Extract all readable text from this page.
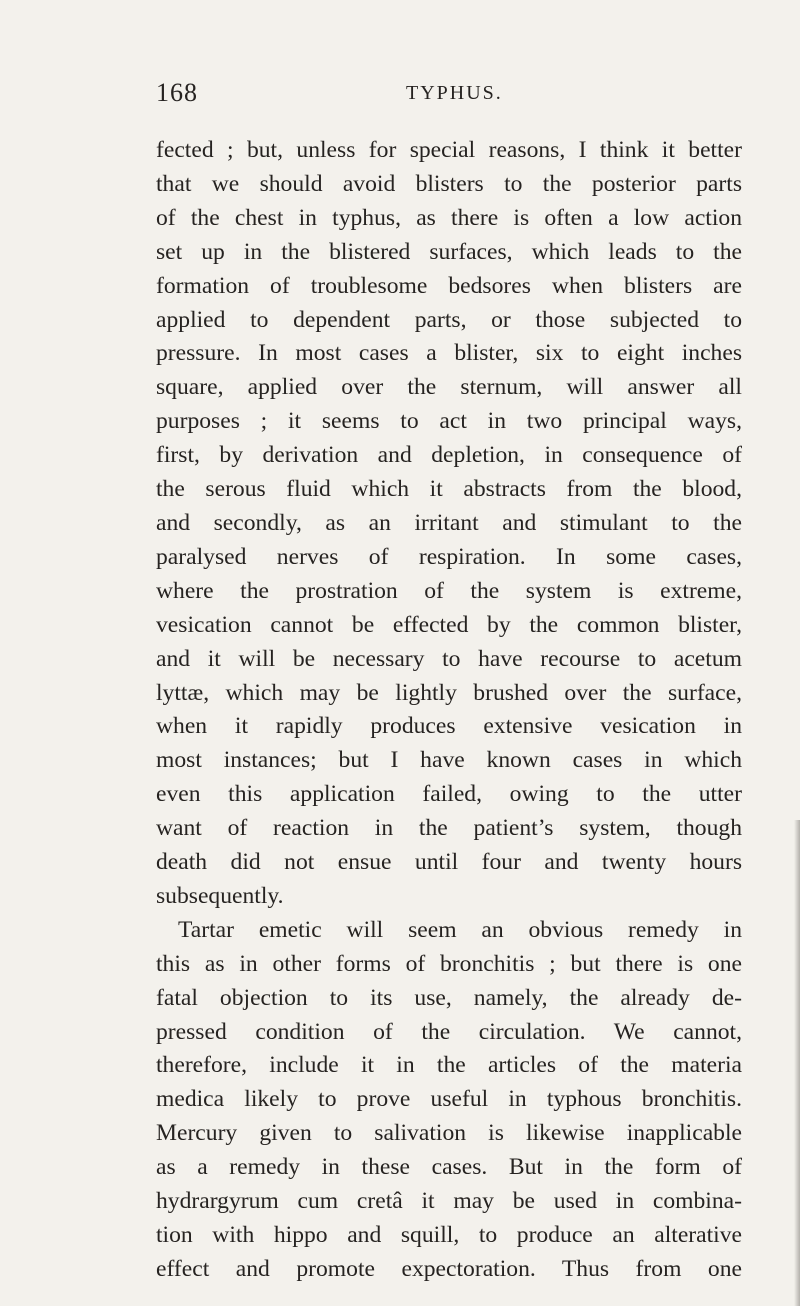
168	TYPHUS.
fected ; but, unless for special reasons, I think it better
that we should avoid blisters to the posterior parts
of the chest in typhus, as there is often a low action
set up in the blistered surfaces, which leads to the
formation of troublesome bedsores when blisters are
applied to dependent parts, or those subjected to
pressure. In most cases a blister, six to eight inches
square, applied over the sternum, will answer all
purposes ; it seems to act in two principal ways,
first, by derivation and depletion, in consequence of
the serous fluid which it abstracts from the blood,
and secondly, as an irritant and stimulant to the
paralysed nerves of respiration. In some cases,
where the prostration of the system is extreme,
vesication cannot be effected by the common blister,
and it will be necessary to have recourse to acetum
lyttæ, which may be lightly brushed over the surface,
when it rapidly produces extensive vesication in
most instances; but I have known cases in which
even this application failed, owing to the utter
want of reaction in the patient’s system, though
death did not ensue until four and twenty hours
subsequently.
Tartar emetic will seem an obvious remedy in
this as in other forms of bronchitis ; but there is one
fatal objection to its use, namely, the already de-
pressed condition of the circulation. We cannot,
therefore, include it in the articles of the materia
medica likely to prove useful in typhous bronchitis.
Mercury given to salivation is likewise inapplicable
as a remedy in these cases. But in the form of
hydrargyrum cum cretâ it may be used in combina-
tion with hippo and squill, to produce an alterative
effect and promote expectoration. Thus from one
